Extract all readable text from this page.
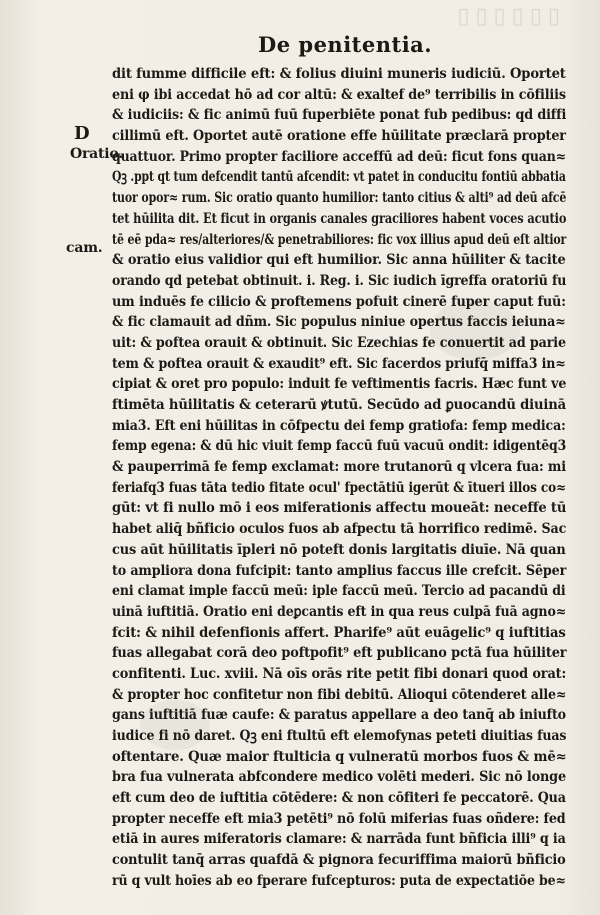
▯▯▯▯▯▯
De penitentia.
D
Oratio.
cam.
dit fumme difficile eft: & folius diuini muneris iudiciū. Oportet
eni φ ibi accedat hō ad cor altū: & exaltef de⁹ terribilis in cōfiliis
& iudiciis: & fic animū fuū fuperbiēte ponat fub pedibus: qd diffi
cillimū eft. Oportet autē oratione effe hūilitate præclarā propter
quattuor. Primo propter faciliore acceffū ad deū: ficut fons quan≈
Qꝫ .ppt qt tum defcendit tantū afcendit: vt patet in conducitu fontiū abbatia
tuor opor≈ rum. Sic oratio quanto humilior: tanto citius & alti⁹ ad deū afcē
tet hūilita dit. Et ficut in organis canales graciliores habent voces acutio
tē eē pda≈ res/alteriores/& penetrabiliores: fic vox illius apud deū eſt altior
& oratio eius validior qui eft humilior. Sic anna hūiliter & tacite
orando qd petebat obtinuit. i. Reg. i. Sic iudich īgreffa oratoriū fu
um induēs fe cilicio & proftemens pofuit cinerē fuper caput fuū:
& fic clamauit ad dñm. Sic populus niniue opertus faccis ieiuna≈
uit: & poftea orauit & obtinuit. Sic Ezechias fe conuertit ad parie
tem & poftea orauit & exaudit⁹ eft. Sic facerdos priufq̄ miffa3 in≈
cipiat & oret pro populo: induit fe veftimentis facris. Hæc funt ve
ftimēta hūilitatis & ceterarū ꝟtutū. Secūdo ad ꝑuocandū diuinā
mia3. Eft eni hūilitas in cōfpectu dei femp gratiofa: femp medica:
femp egena: & dū hic viuit femp faccū fuū vacuū ondit: idigentēq3
& pauperrimā fe femp exclamat: more trutanorū q vlcera fua: mi
feriafq3 fuas tāta tedio fitate ocul' fpectātiū igerūt & ītueri illos co≈
gūt: vt fi nullo mō i eos miferationis affectu moueāt: neceffe tū
habet aliq̄ bñficio oculos fuos ab afpectu tā horrifico redimē. Sac
cus aūt hūilitatis īpleri nō poteft donis largitatis diuīe. Nā quan
to ampliora dona fufcipit: tanto amplius faccus ille crefcit. Sēper
eni clamat imple faccū meū: iple faccū meū. Tercio ad pacandū di
uinā iuftitiā. Oratio eni deꝑcantis eft in qua reus culpā fuā agno≈
fcit: & nihil defenfionis affert. Pharife⁹ aūt euāgelic⁹ q iuftitias
fuas allegabat corā deo poftpofit⁹ eft publicano pctā fua hūiliter
confitenti. Luc. xviii. Nā oīs orās rite petit fibi donari quod orat:
& propter hoc confitetur non fibi debitū. Alioqui cōtenderet alle≈
gans iuftitiā fuæ caufe: & paratus appellare a deo tanq̄ ab iniufto
iudice fi nō daret. Qꝫ eni ftultū eft elemofynas peteti diuitias fuas
oftentare. Quæ maior ftulticia q vulneratū morbos fuos & mē≈
bra fua vulnerata abfcondere medico volēti mederi. Sic nō longe
eft cum deo de iuftitia cōtēdere: & non cōfiteri fe peccatorē. Qua
propter neceffe eft mia3 petēti⁹ nō folū miferias fuas oñdere: fed
etiā in aures miferatoris clamare: & narrāda funt bñficia illi⁹ q ia
contulit tanq̄ arras quafdā & pignora fecuriffima maiorū bñficio
rū q vult hoīes ab eo fperare fufcepturos: puta de expectatiōe be≈
